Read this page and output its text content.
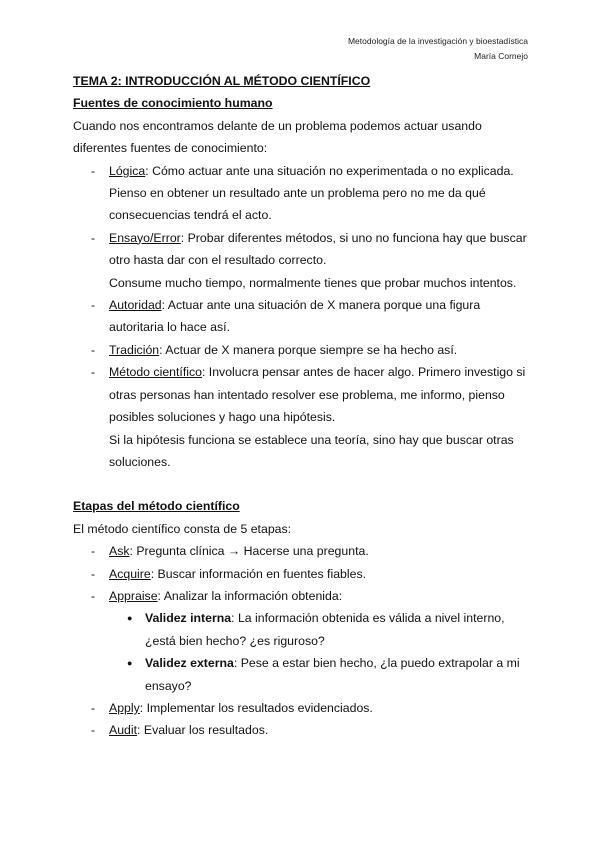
Metodología de la investigación y bioestadística
María Cornejo

TEMA 2: INTRODUCCIÓN AL MÉTODO CIENTÍFICO

Fuentes de conocimiento humano

Cuando nos encontramos delante de un problema podemos actuar usando diferentes fuentes de conocimiento:

- Lógica: Cómo actuar ante una situación no experimentada o no explicada. Pienso en obtener un resultado ante un problema pero no me da qué consecuencias tendrá el acto.
- Ensayo/Error: Probar diferentes métodos, si uno no funciona hay que buscar otro hasta dar con el resultado correcto.
Consume mucho tiempo, normalmente tienes que probar muchos intentos.
- Autoridad: Actuar ante una situación de X manera porque una figura autoritaria lo hace así.
- Tradición: Actuar de X manera porque siempre se ha hecho así.
- Método científico: Involucra pensar antes de hacer algo. Primero investigo si otras personas han intentado resolver ese problema, me informo, pienso posibles soluciones y hago una hipótesis.
Si la hipótesis funciona se establece una teoría, sino hay que buscar otras soluciones.

Etapas del método científico

El método científico consta de 5 etapas:

- Ask: Pregunta clínica → Hacerse una pregunta.
- Acquire: Buscar información en fuentes fiables.
- Appraise: Analizar la información obtenida:
● Validez interna: La información obtenida es válida a nivel interno, ¿está bien hecho? ¿es riguroso?
● Validez externa: Pese a estar bien hecho, ¿la puedo extrapolar a mi ensayo?
- Apply: Implementar los resultados evidenciados.
- Audit: Evaluar los resultados.
